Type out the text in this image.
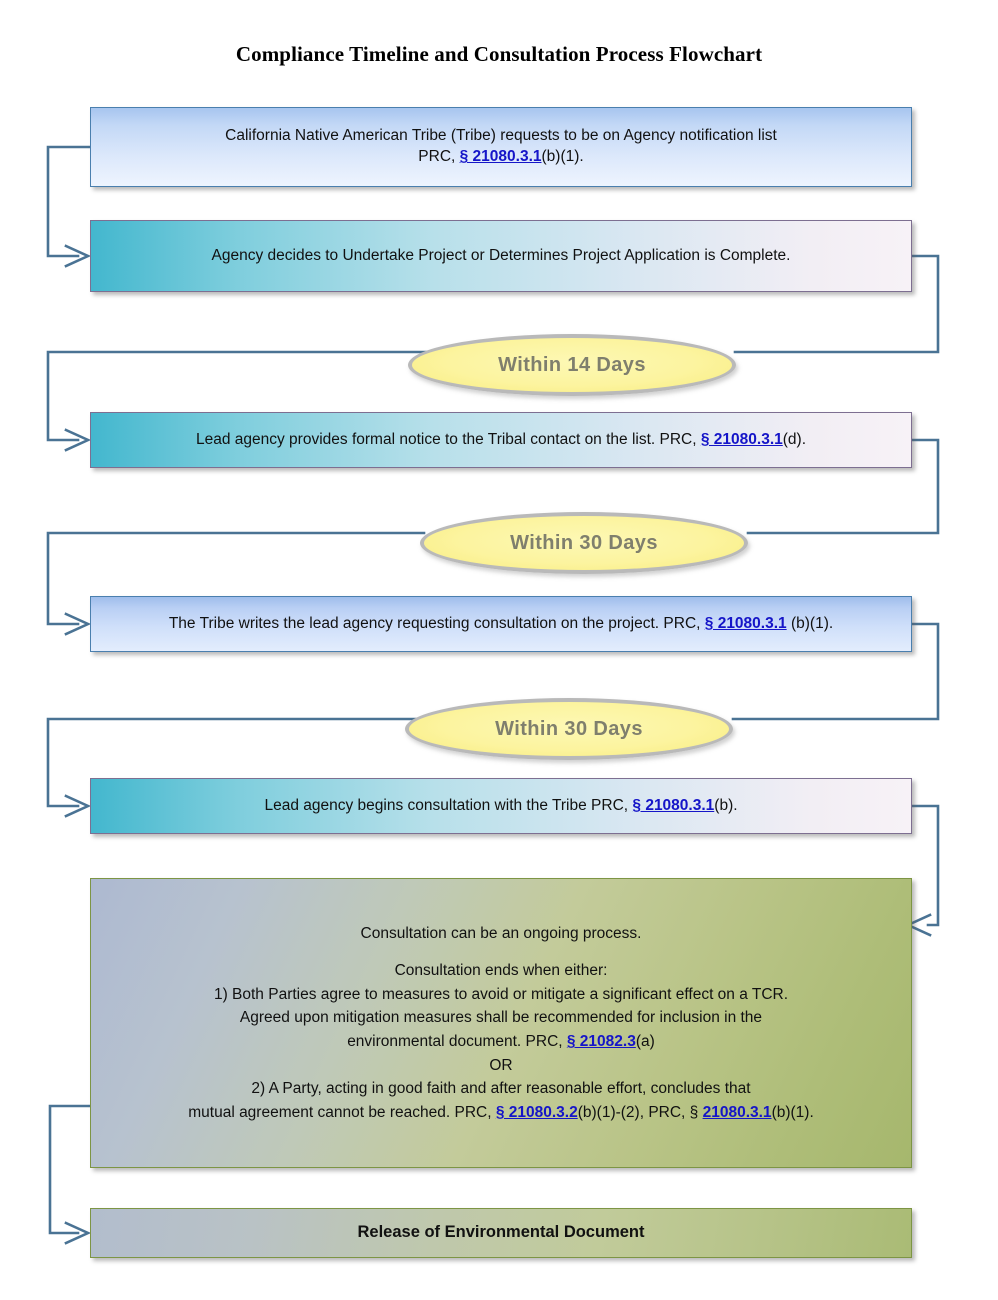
Compliance Timeline and Consultation Process Flowchart
California Native American Tribe (Tribe) requests to be on Agency notification list
PRC, § 21080.3.1(b)(1).
Agency decides to Undertake Project or Determines Project Application is Complete.
Within 14 Days
Lead agency provides formal notice to the Tribal contact on the list. PRC, § 21080.3.1(d).
Within 30 Days
The Tribe writes the lead agency requesting consultation on the project. PRC, § 21080.3.1 (b)(1).
Within 30 Days
Lead agency begins consultation with the Tribe PRC, § 21080.3.1(b).
Consultation can be an ongoing process.
Consultation ends when either:
1) Both Parties agree to measures to avoid or mitigate a significant effect on a TCR.
Agreed upon mitigation measures shall be recommended for inclusion in the
environmental document. PRC, § 21082.3(a)
OR
2) A Party, acting in good faith and after reasonable effort, concludes that
mutual agreement cannot be reached. PRC, § 21080.3.2(b)(1)-(2), PRC, § 21080.3.1(b)(1).
Release of Environmental Document
